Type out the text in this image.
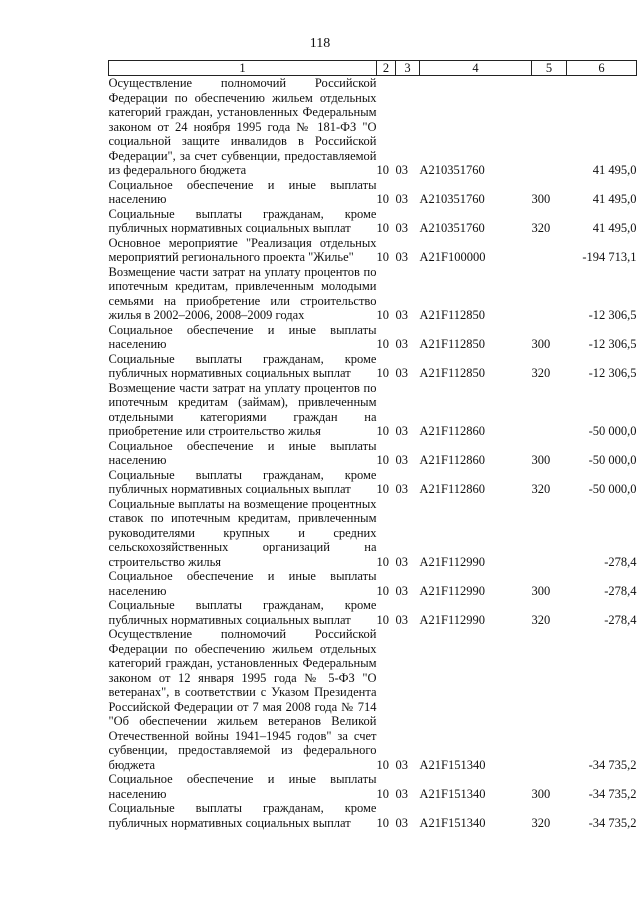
118
1	2	3	4	5	6
Осуществление полномочий Российской Федерации по обеспечению жильем отдельных категорий граждан, установленных Федеральным законом от 24 ноября 1995 года № 181-ФЗ "О социальной защите инвалидов в Российской Федерации", за счет субвенции, предоставляемой из федерального бюджета	10	03	А210351760		41 495,0
Социальное обеспечение и иные выплаты населению	10	03	А210351760	300	41 495,0
Социальные выплаты гражданам, кроме публичных нормативных социальных выплат	10	03	А210351760	320	41 495,0
Основное мероприятие "Реализация отдельных мероприятий регионального проекта "Жилье"	10	03	А21F100000		-194 713,1
Возмещение части затрат на уплату процентов по ипотечным кредитам, привлеченным молодыми семьями на приобретение или строительство жилья в 2002–2006, 2008–2009 годах	10	03	А21F112850		-12 306,5
Социальное обеспечение и иные выплаты населению	10	03	А21F112850	300	-12 306,5
Социальные выплаты гражданам, кроме публичных нормативных социальных выплат	10	03	А21F112850	320	-12 306,5
Возмещение части затрат на уплату процентов по ипотечным кредитам (займам), привлеченным отдельными категориями граждан на приобретение или строительство жилья	10	03	А21F112860		-50 000,0
Социальное обеспечение и иные выплаты населению	10	03	А21F112860	300	-50 000,0
Социальные выплаты гражданам, кроме публичных нормативных социальных выплат	10	03	А21F112860	320	-50 000,0
Социальные выплаты на возмещение процентных ставок по ипотечным кредитам, привлеченным руководителями крупных и средних сельскохозяйственных организаций на строительство жилья	10	03	А21F112990		-278,4
Социальное обеспечение и иные выплаты населению	10	03	А21F112990	300	-278,4
Социальные выплаты гражданам, кроме публичных нормативных социальных выплат	10	03	А21F112990	320	-278,4
Осуществление полномочий Российской Федерации по обеспечению жильем отдельных категорий граждан, установленных Федеральным законом от 12 января 1995 года № 5-ФЗ "О ветеранах", в соответствии с Указом Президента Российской Федерации от 7 мая 2008 года № 714 "Об обеспечении жильем ветеранов Великой Отечественной войны 1941–1945 годов" за счет субвенции, предоставляемой из федерального бюджета	10	03	А21F151340		-34 735,2
Социальное обеспечение и иные выплаты населению	10	03	А21F151340	300	-34 735,2
Социальные выплаты гражданам, кроме публичных нормативных социальных выплат	10	03	А21F151340	320	-34 735,2
